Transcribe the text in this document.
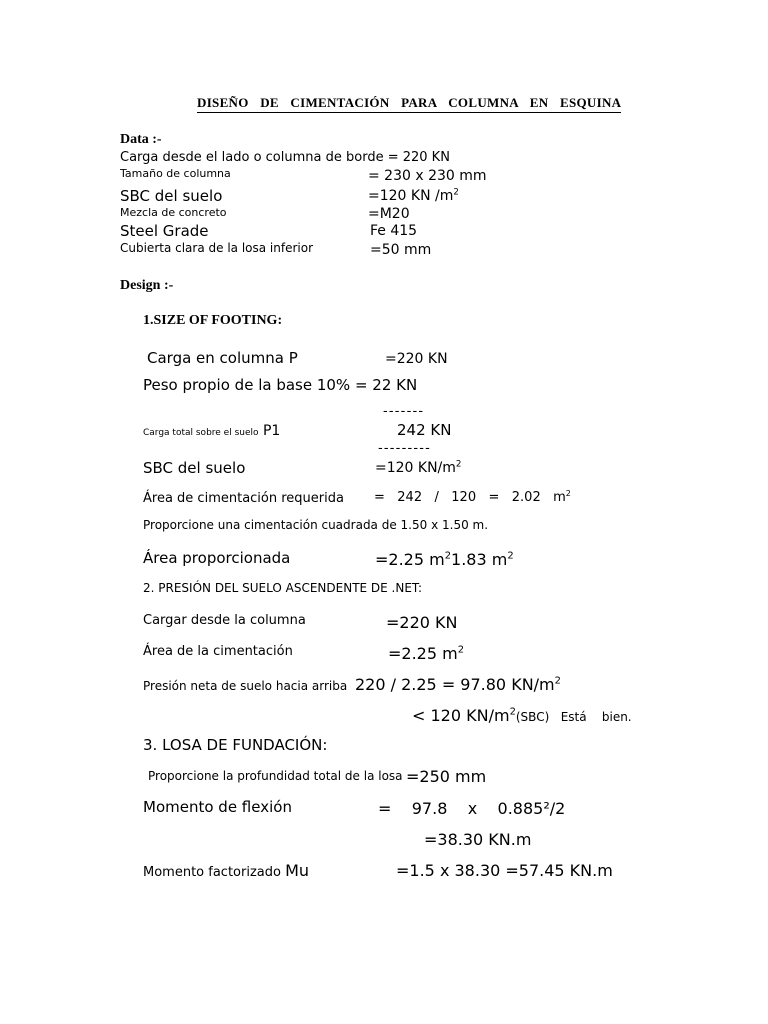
DISEÑO DE CIMENTACIÓN PARA COLUMNA EN ESQUINA
Data :-
Carga desde el lado o columna de borde = 220 KN
Tamaño de columna	= 230 x 230 mm
SBC del suelo	=120 KN $/m^2$
Mezcla de concreto	=M20
Steel Grade	Fe 415
Cubierta clara de la losa inferior	=50 mm
Design :-
1.SIZE OF FOOTING:
Carga en columna P	=220 KN
Peso propio de la base 10% = 22 KN
-------
Carga total sobre el suelo P1	242 KN
---------
SBC del suelo	=120 $KN/m^2$
Área de cimentación requerida =   242   /   120   =   2.02   $m^2$
Proporcione una cimentación cuadrada de 1.50 x 1.50 m.
Área proporcionada	=2.25 $m^21.83$ $m^2$
2. PRESIÓN DEL SUELO ASCENDENTE DE .NET:
Cargar desde la columna	=220 KN
Área de la cimentación	=2.25 $m^2$
Presión neta de suelo hacia arriba 220 / 2.25 = 97.80 $KN/m^2$
< 120 $KN/m^2(SBC)$ Está    bien.
3. LOSA DE FUNDACIÓN:
Proporcione la profundidad total de la losa =250 mm
Momento de flexión	=    97.8    x    0.885²/2
=38.30 KN.m
Momento factorizado Mu	=1.5 x 38.30 =57.45 KN.m
